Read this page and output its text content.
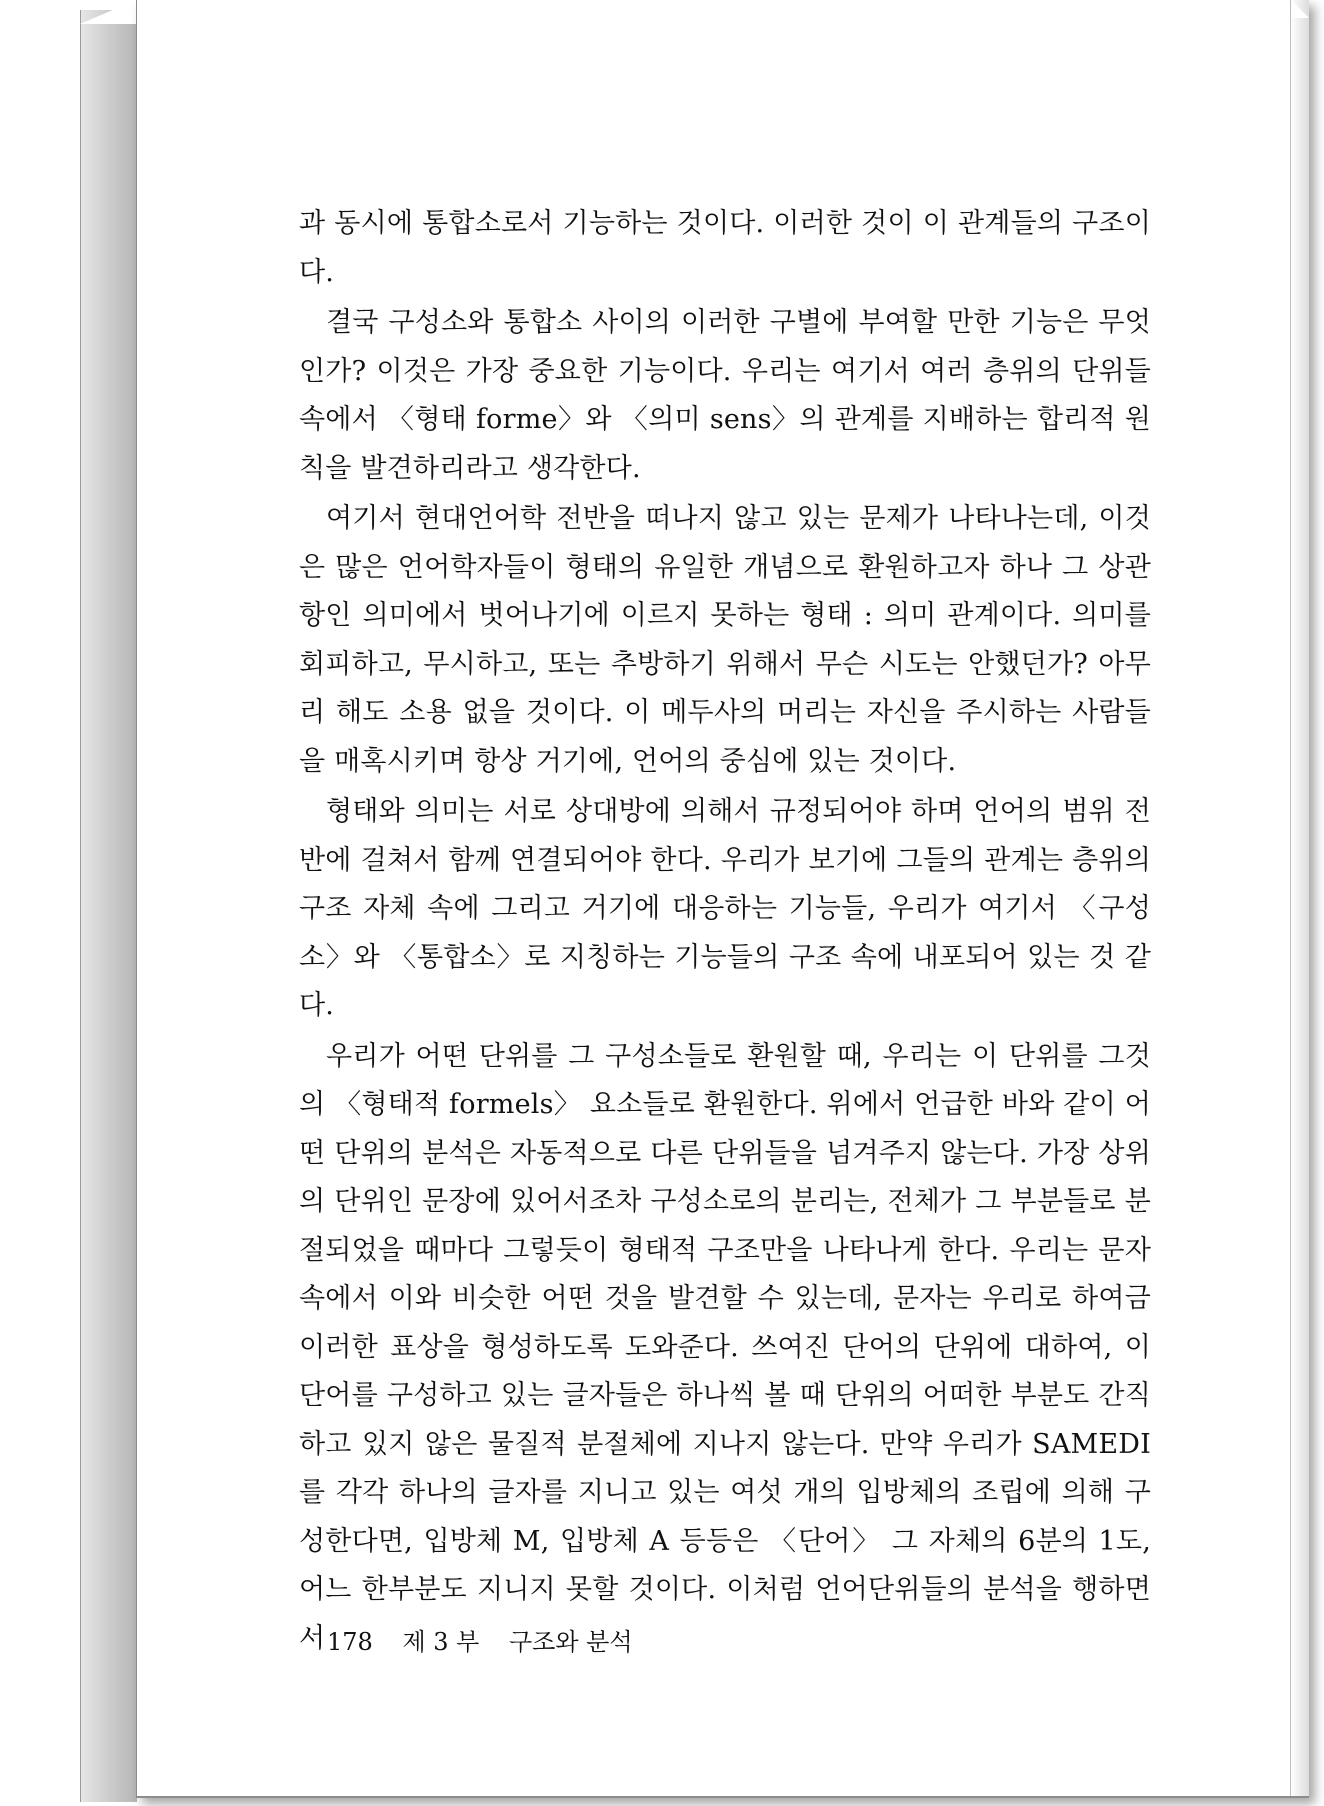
과 동시에 통합소로서 기능하는 것이다. 이러한 것이 이 관계들의 구조이다.

결국 구성소와 통합소 사이의 이러한 구별에 부여할 만한 기능은 무엇인가? 이것은 가장 중요한 기능이다. 우리는 여기서 여러 층위의 단위들 속에서 〈형태 forme〉와 〈의미 sens〉의 관계를 지배하는 합리적 원칙을 발견하리라고 생각한다.

여기서 현대언어학 전반을 떠나지 않고 있는 문제가 나타나는데, 이것은 많은 언어학자들이 형태의 유일한 개념으로 환원하고자 하나 그 상관항인 의미에서 벗어나기에 이르지 못하는 형태 : 의미 관계이다. 의미를 회피하고, 무시하고, 또는 추방하기 위해서 무슨 시도는 안했던가? 아무리 해도 소용 없을 것이다. 이 메두사의 머리는 자신을 주시하는 사람들을 매혹시키며 항상 거기에, 언어의 중심에 있는 것이다.

형태와 의미는 서로 상대방에 의해서 규정되어야 하며 언어의 범위 전반에 걸쳐서 함께 연결되어야 한다. 우리가 보기에 그들의 관계는 층위의 구조 자체 속에 그리고 거기에 대응하는 기능들, 우리가 여기서 〈구성소〉와 〈통합소〉로 지칭하는 기능들의 구조 속에 내포되어 있는 것 같다.

우리가 어떤 단위를 그 구성소들로 환원할 때, 우리는 이 단위를 그것의 〈형태적 formels〉 요소들로 환원한다. 위에서 언급한 바와 같이 어떤 단위의 분석은 자동적으로 다른 단위들을 넘겨주지 않는다. 가장 상위의 단위인 문장에 있어서조차 구성소로의 분리는, 전체가 그 부분들로 분절되었을 때마다 그렇듯이 형태적 구조만을 나타나게 한다. 우리는 문자 속에서 이와 비슷한 어떤 것을 발견할 수 있는데, 문자는 우리로 하여금 이러한 표상을 형성하도록 도와준다. 쓰여진 단어의 단위에 대하여, 이 단어를 구성하고 있는 글자들은 하나씩 볼 때 단위의 어떠한 부분도 간직하고 있지 않은 물질적 분절체에 지나지 않는다. 만약 우리가 SAMEDI를 각각 하나의 글자를 지니고 있는 여섯 개의 입방체의 조립에 의해 구성한다면, 입방체 M, 입방체 A 등등은 〈단어〉 그 자체의 6분의 1도, 어느 한부분도 지니지 못할 것이다. 이처럼 언어단위들의 분석을 행하면서 178 제 3 부 구조와 분석
